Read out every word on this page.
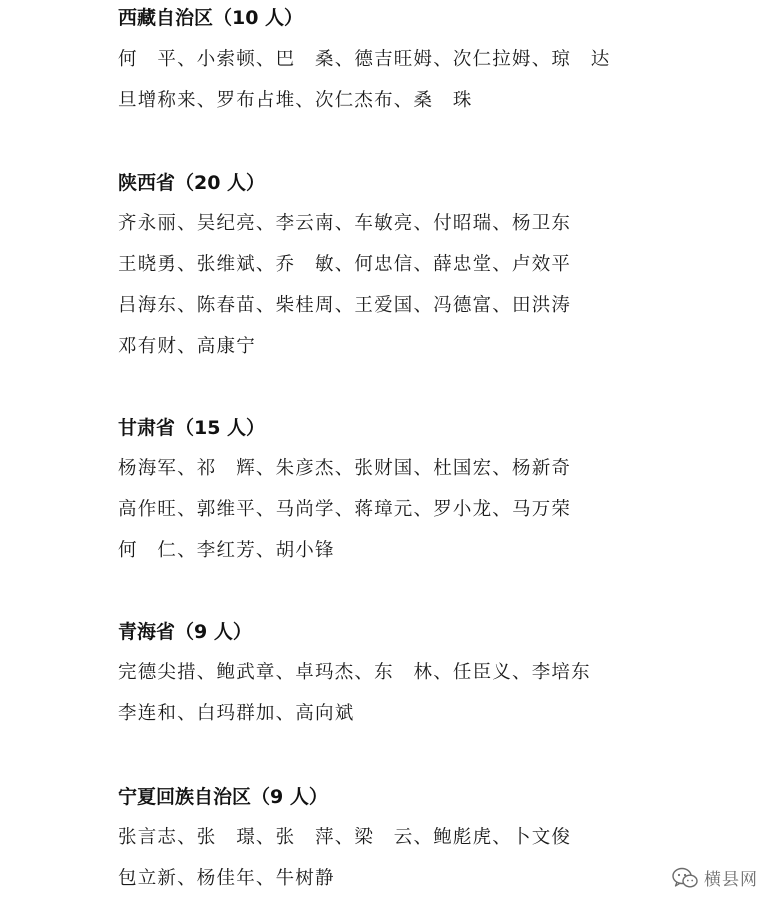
西藏自治区（10 人）
何　平、小索顿、巴　桑、德吉旺姆、次仁拉姆、琼　达
旦增称来、罗布占堆、次仁杰布、桑　珠
陕西省（20 人）
齐永丽、吴纪亮、李云南、车敏亮、付昭瑞、杨卫东
王晓勇、张维斌、乔　敏、何忠信、薛忠堂、卢效平
吕海东、陈春苗、柴桂周、王爱国、冯德富、田洪涛
邓有财、高康宁
甘肃省（15 人）
杨海军、祁　辉、朱彦杰、张财国、杜国宏、杨新奇
高作旺、郭维平、马尚学、蒋璋元、罗小龙、马万荣
何　仁、李红芳、胡小锋
青海省（9 人）
完德尖措、鲍武章、卓玛杰、东　林、任臣义、李培东
李连和、白玛群加、高向斌
宁夏回族自治区（9 人）
张言志、张　璟、张　萍、梁　云、鲍彪虎、卜文俊
包立新、杨佳年、牛树静	横县网
